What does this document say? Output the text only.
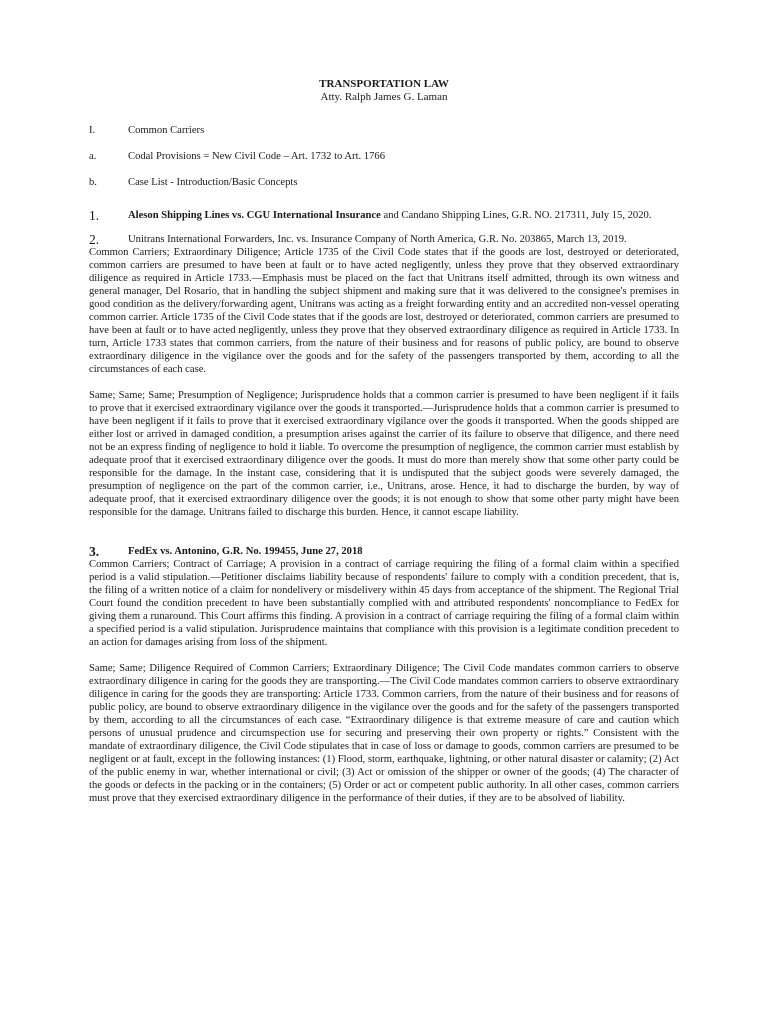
TRANSPORTATION LAW
Atty. Ralph James G. Laman
I.	Common Carriers
a.	Codal Provisions = New Civil Code – Art. 1732 to Art. 1766
b.	Case List - Introduction/Basic Concepts
1.	Aleson Shipping Lines vs. CGU International Insurance and Candano Shipping Lines, G.R. NO. 217311, July 15, 2020.
2.	Unitrans International Forwarders, Inc. vs. Insurance Company of North America, G.R. No. 203865, March 13, 2019.

Common Carriers; Extraordinary Diligence; Article 1735 of the Civil Code states that if the goods are lost, destroyed or deteriorated, common carriers are presumed to have been at fault or to have acted negligently, unless they prove that they observed extraordinary diligence as required in Article 1733.—Emphasis must be placed on the fact that Unitrans itself admitted, through its own witness and general manager, Del Rosario, that in handling the subject shipment and making sure that it was delivered to the consignee's premises in good condition as the delivery/forwarding agent, Unitrans was acting as a freight forwarding entity and an accredited non-vessel operating common carrier. Article 1735 of the Civil Code states that if the goods are lost, destroyed or deteriorated, common carriers are presumed to have been at fault or to have acted negligently, unless they prove that they observed extraordinary diligence as required in Article 1733. In turn, Article 1733 states that common carriers, from the nature of their business and for reasons of public policy, are bound to observe extraordinary diligence in the vigilance over the goods and for the safety of the passengers transported by them, according to all the circumstances of each case.

Same; Same; Same; Presumption of Negligence; Jurisprudence holds that a common carrier is presumed to have been negligent if it fails to prove that it exercised extraordinary vigilance over the goods it transported.—Jurisprudence holds that a common carrier is presumed to have been negligent if it fails to prove that it exercised extraordinary vigilance over the goods it transported. When the goods shipped are either lost or arrived in damaged condition, a presumption arises against the carrier of its failure to observe that diligence, and there need not be an express finding of negligence to hold it liable. To overcome the presumption of negligence, the common carrier must establish by adequate proof that it exercised extraordinary diligence over the goods. It must do more than merely show that some other party could be responsible for the damage. In the instant case, considering that it is undisputed that the subject goods were severely damaged, the presumption of negligence on the part of the common carrier, i.e., Unitrans, arose. Hence, it had to discharge the burden, by way of adequate proof, that it exercised extraordinary diligence over the goods; it is not enough to show that some other party might have been responsible for the damage. Unitrans failed to discharge this burden. Hence, it cannot escape liability.

3.	FedEx vs. Antonino, G.R. No. 199455, June 27, 2018

Common Carriers; Contract of Carriage; A provision in a contract of carriage requiring the filing of a formal claim within a specified period is a valid stipulation.—Petitioner disclaims liability because of respondents' failure to comply with a condition precedent, that is, the filing of a written notice of a claim for nondelivery or misdelivery within 45 days from acceptance of the shipment. The Regional Trial Court found the condition precedent to have been substantially complied with and attributed respondents' noncompliance to FedEx for giving them a runaround. This Court affirms this finding. A provision in a contract of carriage requiring the filing of a formal claim within a specified period is a valid stipulation. Jurisprudence maintains that compliance with this provision is a legitimate condition precedent to an action for damages arising from loss of the shipment.

Same; Same; Diligence Required of Common Carriers; Extraordinary Diligence; The Civil Code mandates common carriers to observe extraordinary diligence in caring for the goods they are transporting.—The Civil Code mandates common carriers to observe extraordinary diligence in caring for the goods they are transporting: Article 1733. Common carriers, from the nature of their business and for reasons of public policy, are bound to observe extraordinary diligence in the vigilance over the goods and for the safety of the passengers transported by them, according to all the circumstances of each case. “Extraordinary diligence is that extreme measure of care and caution which persons of unusual prudence and circumspection use for securing and preserving their own property or rights.” Consistent with the mandate of extraordinary diligence, the Civil Code stipulates that in case of loss or damage to goods, common carriers are presumed to be negligent or at fault, except in the following instances: (1) Flood, storm, earthquake, lightning, or other natural disaster or calamity; (2) Act of the public enemy in war, whether international or civil; (3) Act or omission of the shipper or owner of the goods; (4) The character of the goods or defects in the packing or in the containers; (5) Order or act or competent public authority. In all other cases, common carriers must prove that they exercised extraordinary diligence in the performance of their duties, if they are to be absolved of liability.
